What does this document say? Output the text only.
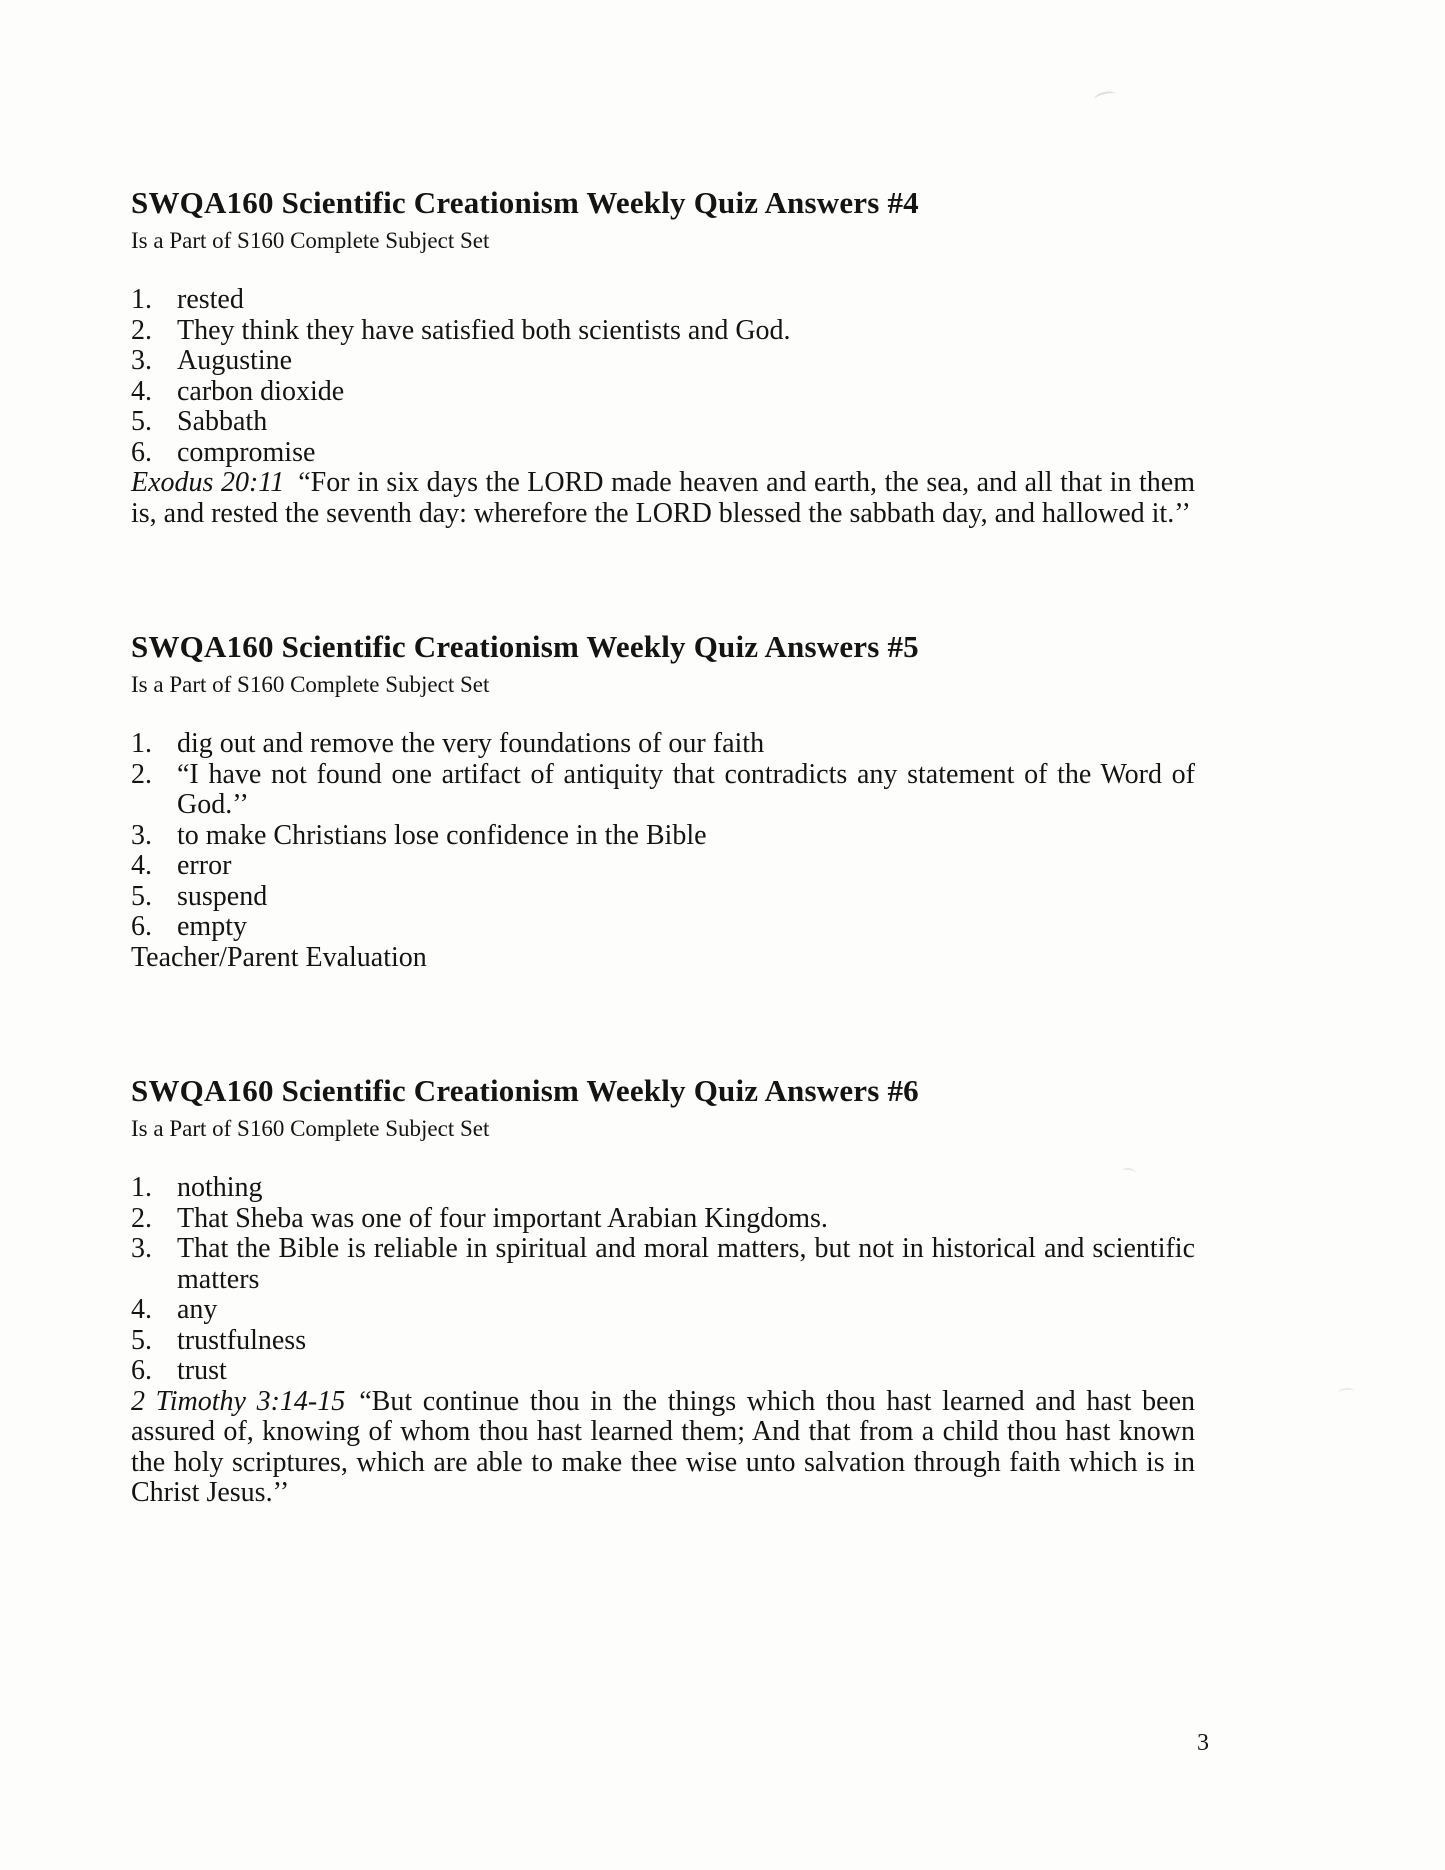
SWQA160 Scientific Creationism Weekly Quiz Answers #4

Is a Part of S160 Complete Subject Set

1. rested
2. They think they have satisfied both scientists and God.
3. Augustine
4. carbon dioxide
5. Sabbath
6. compromise

Exodus 20:11 “For in six days the LORD made heaven and earth, the sea, and all that in them is, and rested the seventh day: wherefore the LORD blessed the sabbath day, and hallowed it.’’

SWQA160 Scientific Creationism Weekly Quiz Answers #5

Is a Part of S160 Complete Subject Set

1. dig out and remove the very foundations of our faith
2. “I have not found one artifact of antiquity that contradicts any statement of the Word of God.’’
3. to make Christians lose confidence in the Bible
4. error
5. suspend
6. empty

Teacher/Parent Evaluation

SWQA160 Scientific Creationism Weekly Quiz Answers #6

Is a Part of S160 Complete Subject Set

1. nothing
2. That Sheba was one of four important Arabian Kingdoms.
3. That the Bible is reliable in spiritual and moral matters, but not in historical and scientific matters
4. any
5. trustfulness
6. trust

2 Timothy 3:14-15 “But continue thou in the things which thou hast learned and hast been assured of, knowing of whom thou hast learned them; And that from a child thou hast known the holy scriptures, which are able to make thee wise unto salvation through faith which is in Christ Jesus.’’

3
